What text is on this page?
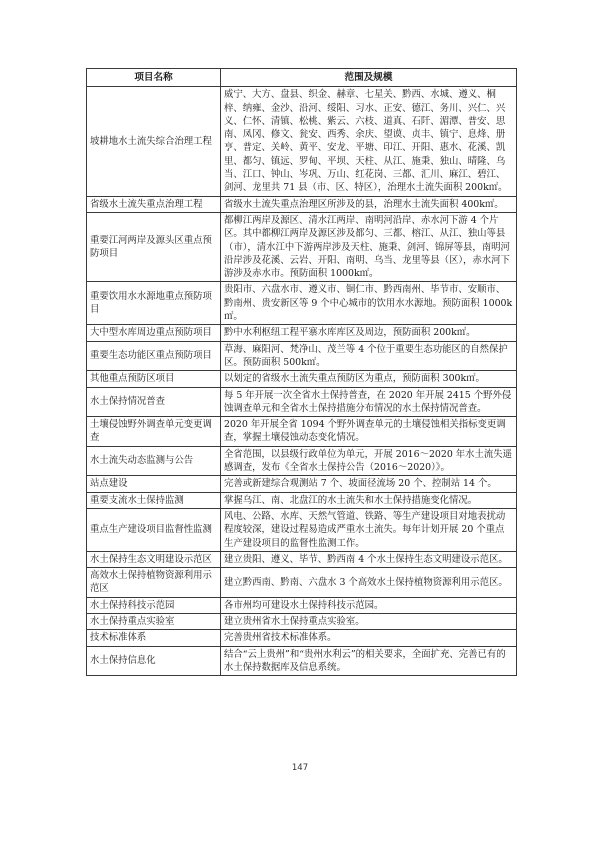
项目名称	范围及规模
坡耕地水土流失综合治理工程	威宁、大方、盘县、织金、赫章、七星关、黔西、水城、遵义、桐梓、纳雍、金沙、沿河、绥阳、习水、正安、德江、务川、兴仁、兴义、仁怀、清镇、松桃、紫云、六枝、道真、石阡、湄潭、普安、思南、凤冈、修文、瓮安、西秀、余庆、望谟、贞丰、镇宁、息烽、册亨、普定、关岭、黄平、安龙、平塘、印江、开阳、惠水、花溪、凯里、都匀、镇远、罗甸、平坝、天柱、从江、施秉、独山、晴隆、乌当、江口、钟山、岑巩、万山、红花岗、三都、汇川、麻江、碧江、剑河、龙里共 71 县（市、区、特区），治理水土流失面积 200k㎡。
省级水土流失重点治理工程	省级水土流失重点治理区所涉及的县，治理水土流失面积 400k㎡。
重要江河两岸及源头区重点预防项目	都柳江两岸及源区、清水江两岸、南明河沿岸、赤水河下游 4 个片区。其中都柳江两岸及源区涉及都匀、三都、榕江、从江、独山等县（市），清水江中下游两岸涉及天柱、施秉、剑河、锦屏等县，南明河沿岸涉及花溪、云岩、开阳、南明、乌当、龙里等县（区），赤水河下游涉及赤水市。预防面积 1000k㎡。
重要饮用水水源地重点预防项目	贵阳市、六盘水市、遵义市、铜仁市、黔西南州、毕节市、安顺市、黔南州、贵安新区等 9 个中心城市的饮用水水源地。预防面积 1000k㎡。
大中型水库周边重点预防项目	黔中水利枢纽工程平寨水库库区及周边，预防面积 200k㎡。
重要生态功能区重点预防项目	草海、麻阳河、梵净山、茂兰等 4 个位于重要生态功能区的自然保护区。预防面积 500k㎡。
其他重点预防区项目	以划定的省级水土流失重点预防区为重点，预防面积 300k㎡。
水土保持情况普查	每 5 年开展一次全省水土保持普查，在 2020 年开展 2415 个野外侵蚀调查单元和全省水土保持措施分布情况的水土保持情况普查。
土壤侵蚀野外调查单元变更调查	2020 年开展全省 1094 个野外调查单元的土壤侵蚀相关指标变更调查，掌握土壤侵蚀动态变化情况。
水土流失动态监测与公告	全省范围，以县级行政单位为单元，开展 2016～2020 年水土流失遥感调查，发布《全省水土保持公告（2016～2020）》。
站点建设	完善或新建综合观测站 7 个、坡面径流场 20 个、控制站 14 个。
重要支流水土保持监测	掌握乌江、南、北盘江的水土流失和水土保持措施变化情况。
重点生产建设项目监督性监测	风电、公路、水库、天然气管道、铁路、等生产建设项目对地表扰动程度较深，建设过程易造成严重水土流失。每年计划开展 20 个重点生产建设项目的监督性监测工作。
水土保持生态文明建设示范区	建立贵阳、遵义、毕节、黔西南 4 个水土保持生态文明建设示范区。
高效水土保持植物资源利用示范区	建立黔西南、黔南、六盘水 3 个高效水土保持植物资源利用示范区。
水土保持科技示范园	各市州均可建设水土保持科技示范园。
水土保持重点实验室	建立贵州省水土保持重点实验室。
技术标准体系	完善贵州省技术标准体系。
水土保持信息化	结合“云上贵州”和“贵州水利云”的相关要求，全面扩充、完善已有的水土保持数据库及信息系统。
147
